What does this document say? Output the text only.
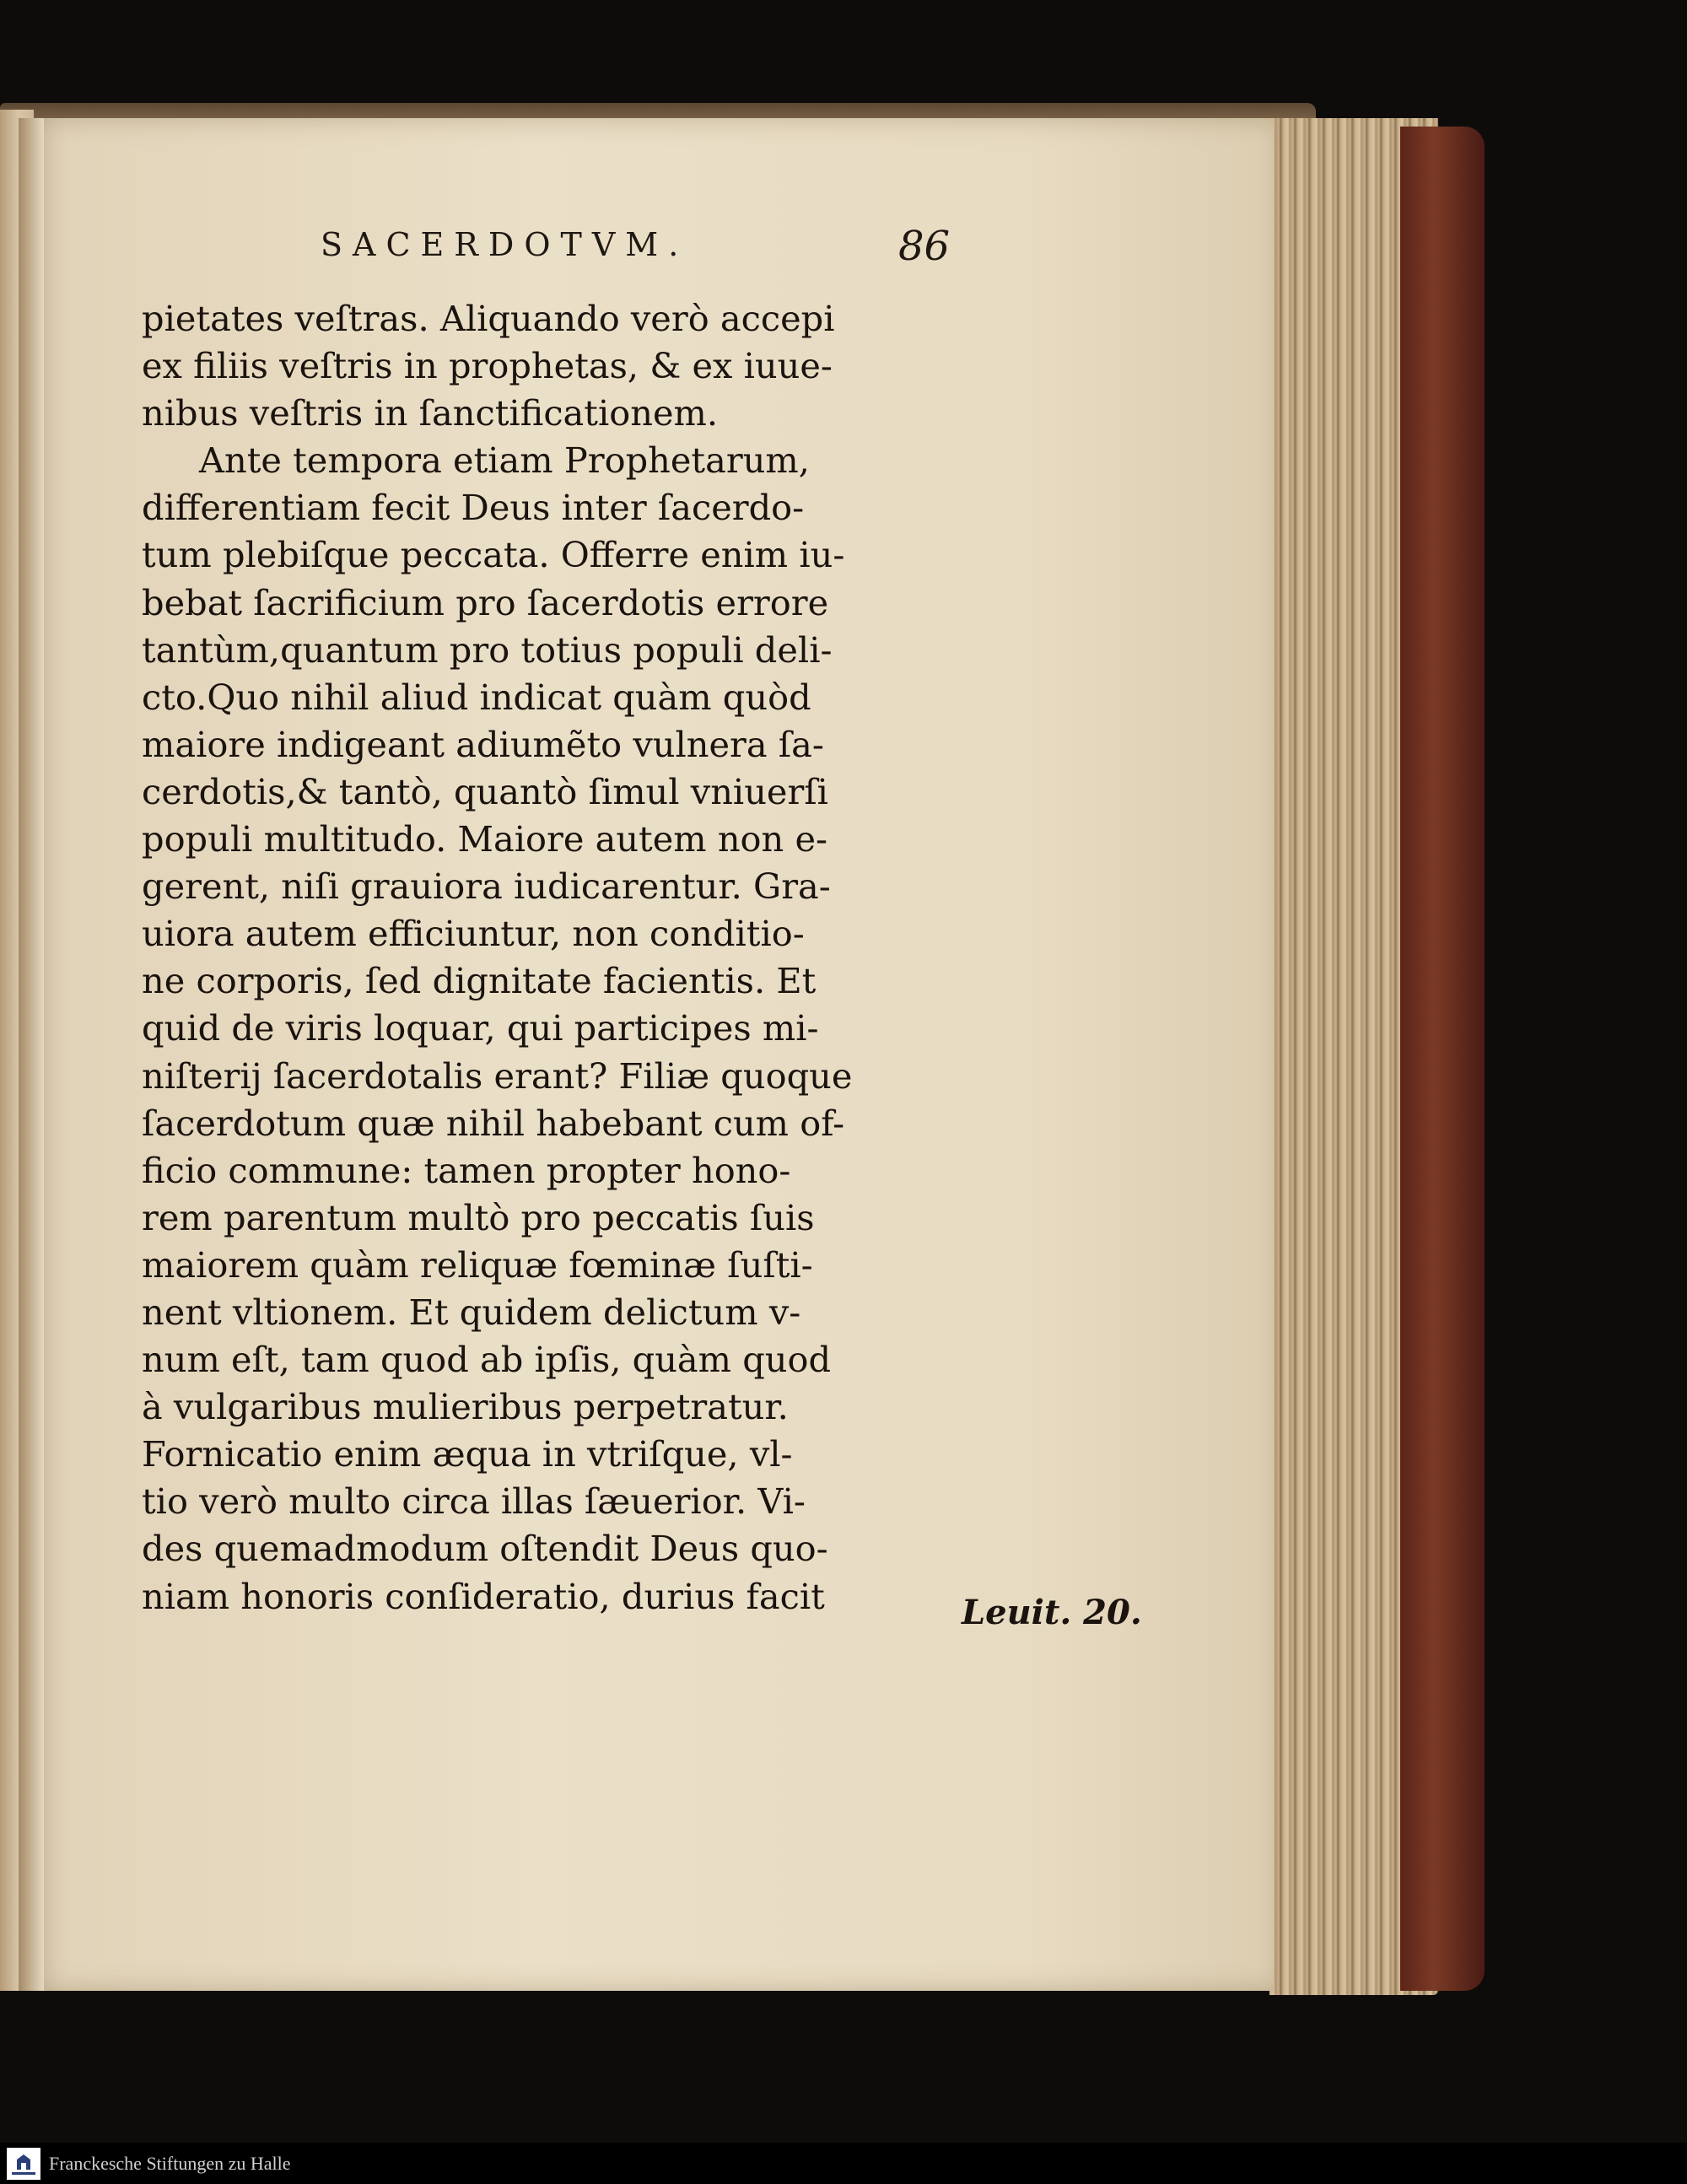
SACERDOTVM.	86
pietates veſtras. Aliquando verò accepi
ex filiis veſtris in prophetas, & ex iuue-
nibus veſtris in ſanctificationem.
Ante tempora etiam Prophetarum,
differentiam fecit Deus inter ſacerdo-
tum plebiſque peccata. Offerre enim iu-
bebat ſacrificium pro ſacerdotis errore
tantùm,quantum pro totius populi deli-
cto.Quo nihil aliud indicat quàm quòd
maiore indigeant adiumẽto vulnera ſa-
cerdotis,& tantò, quantò ſimul vniuerſi
populi multitudo. Maiore autem non e-
gerent, niſi grauiora iudicarentur. Gra-
uiora autem efficiuntur, non conditio-
ne corporis, ſed dignitate facientis. Et
quid de viris loquar, qui participes mi-
niſterij ſacerdotalis erant? Filiæ quoque
ſacerdotum quæ nihil habebant cum of-
ficio commune: tamen propter hono-
rem parentum multò pro peccatis ſuis
maiorem quàm reliquæ fœminæ ſuſti-
nent vltionem. Et quidem delictum v-
num eſt, tam quod ab ipſis, quàm quod
à vulgaribus mulieribus perpetratur.
Fornicatio enim æqua in vtriſque, vl-
tio verò multo circa illas ſæuerior. Vi-
des quemadmodum oſtendit Deus quo-
niam honoris conſideratio, durius facit	Leuit. 20.
Franckesche Stiftungen zu Halle
